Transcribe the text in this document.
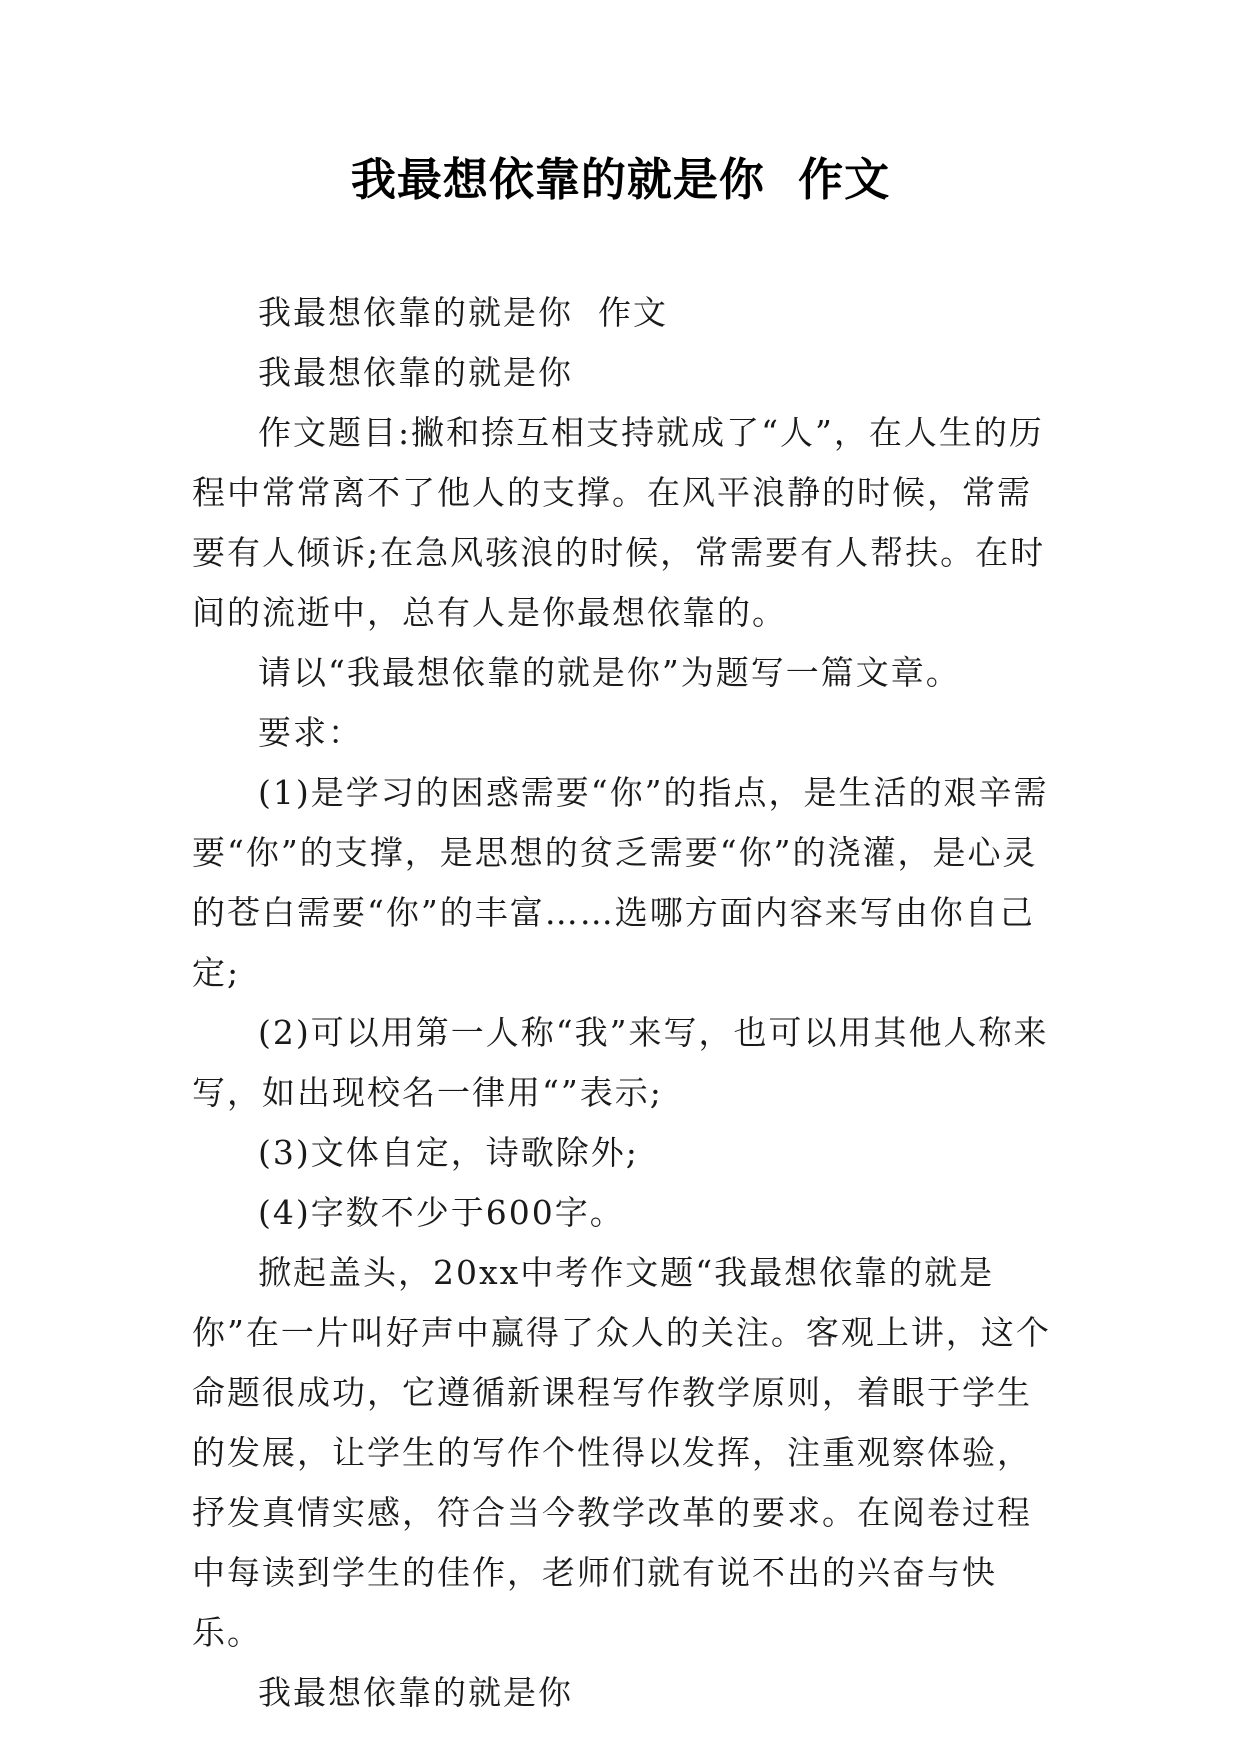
我最想依靠的就是你  作文

我最想依靠的就是你  作文

我最想依靠的就是你

作文题目:撇和捺互相支持就成了“人”，在人生的历程中常常离不了他人的支撑。在风平浪静的时候，常需要有人倾诉;在急风骇浪的时候，常需要有人帮扶。在时间的流逝中，总有人是你最想依靠的。

请以“我最想依靠的就是你”为题写一篇文章。

要求：

(1)是学习的困惑需要“你”的指点，是生活的艰辛需要“你”的支撑，是思想的贫乏需要“你”的浇灌，是心灵的苍白需要“你”的丰富……选哪方面内容来写由你自己定;

(2)可以用第一人称“我”来写，也可以用其他人称来写，如出现校名一律用“”表示;

(3)文体自定，诗歌除外;

(4)字数不少于600字。

掀起盖头，20xx中考作文题“我最想依靠的就是你”在一片叫好声中赢得了众人的关注。客观上讲，这个命题很成功，它遵循新课程写作教学原则，着眼于学生的发展，让学生的写作个性得以发挥，注重观察体验，抒发真情实感，符合当今教学改革的要求。在阅卷过程中每读到学生的佳作，老师们就有说不出的兴奋与快乐。

我最想依靠的就是你
